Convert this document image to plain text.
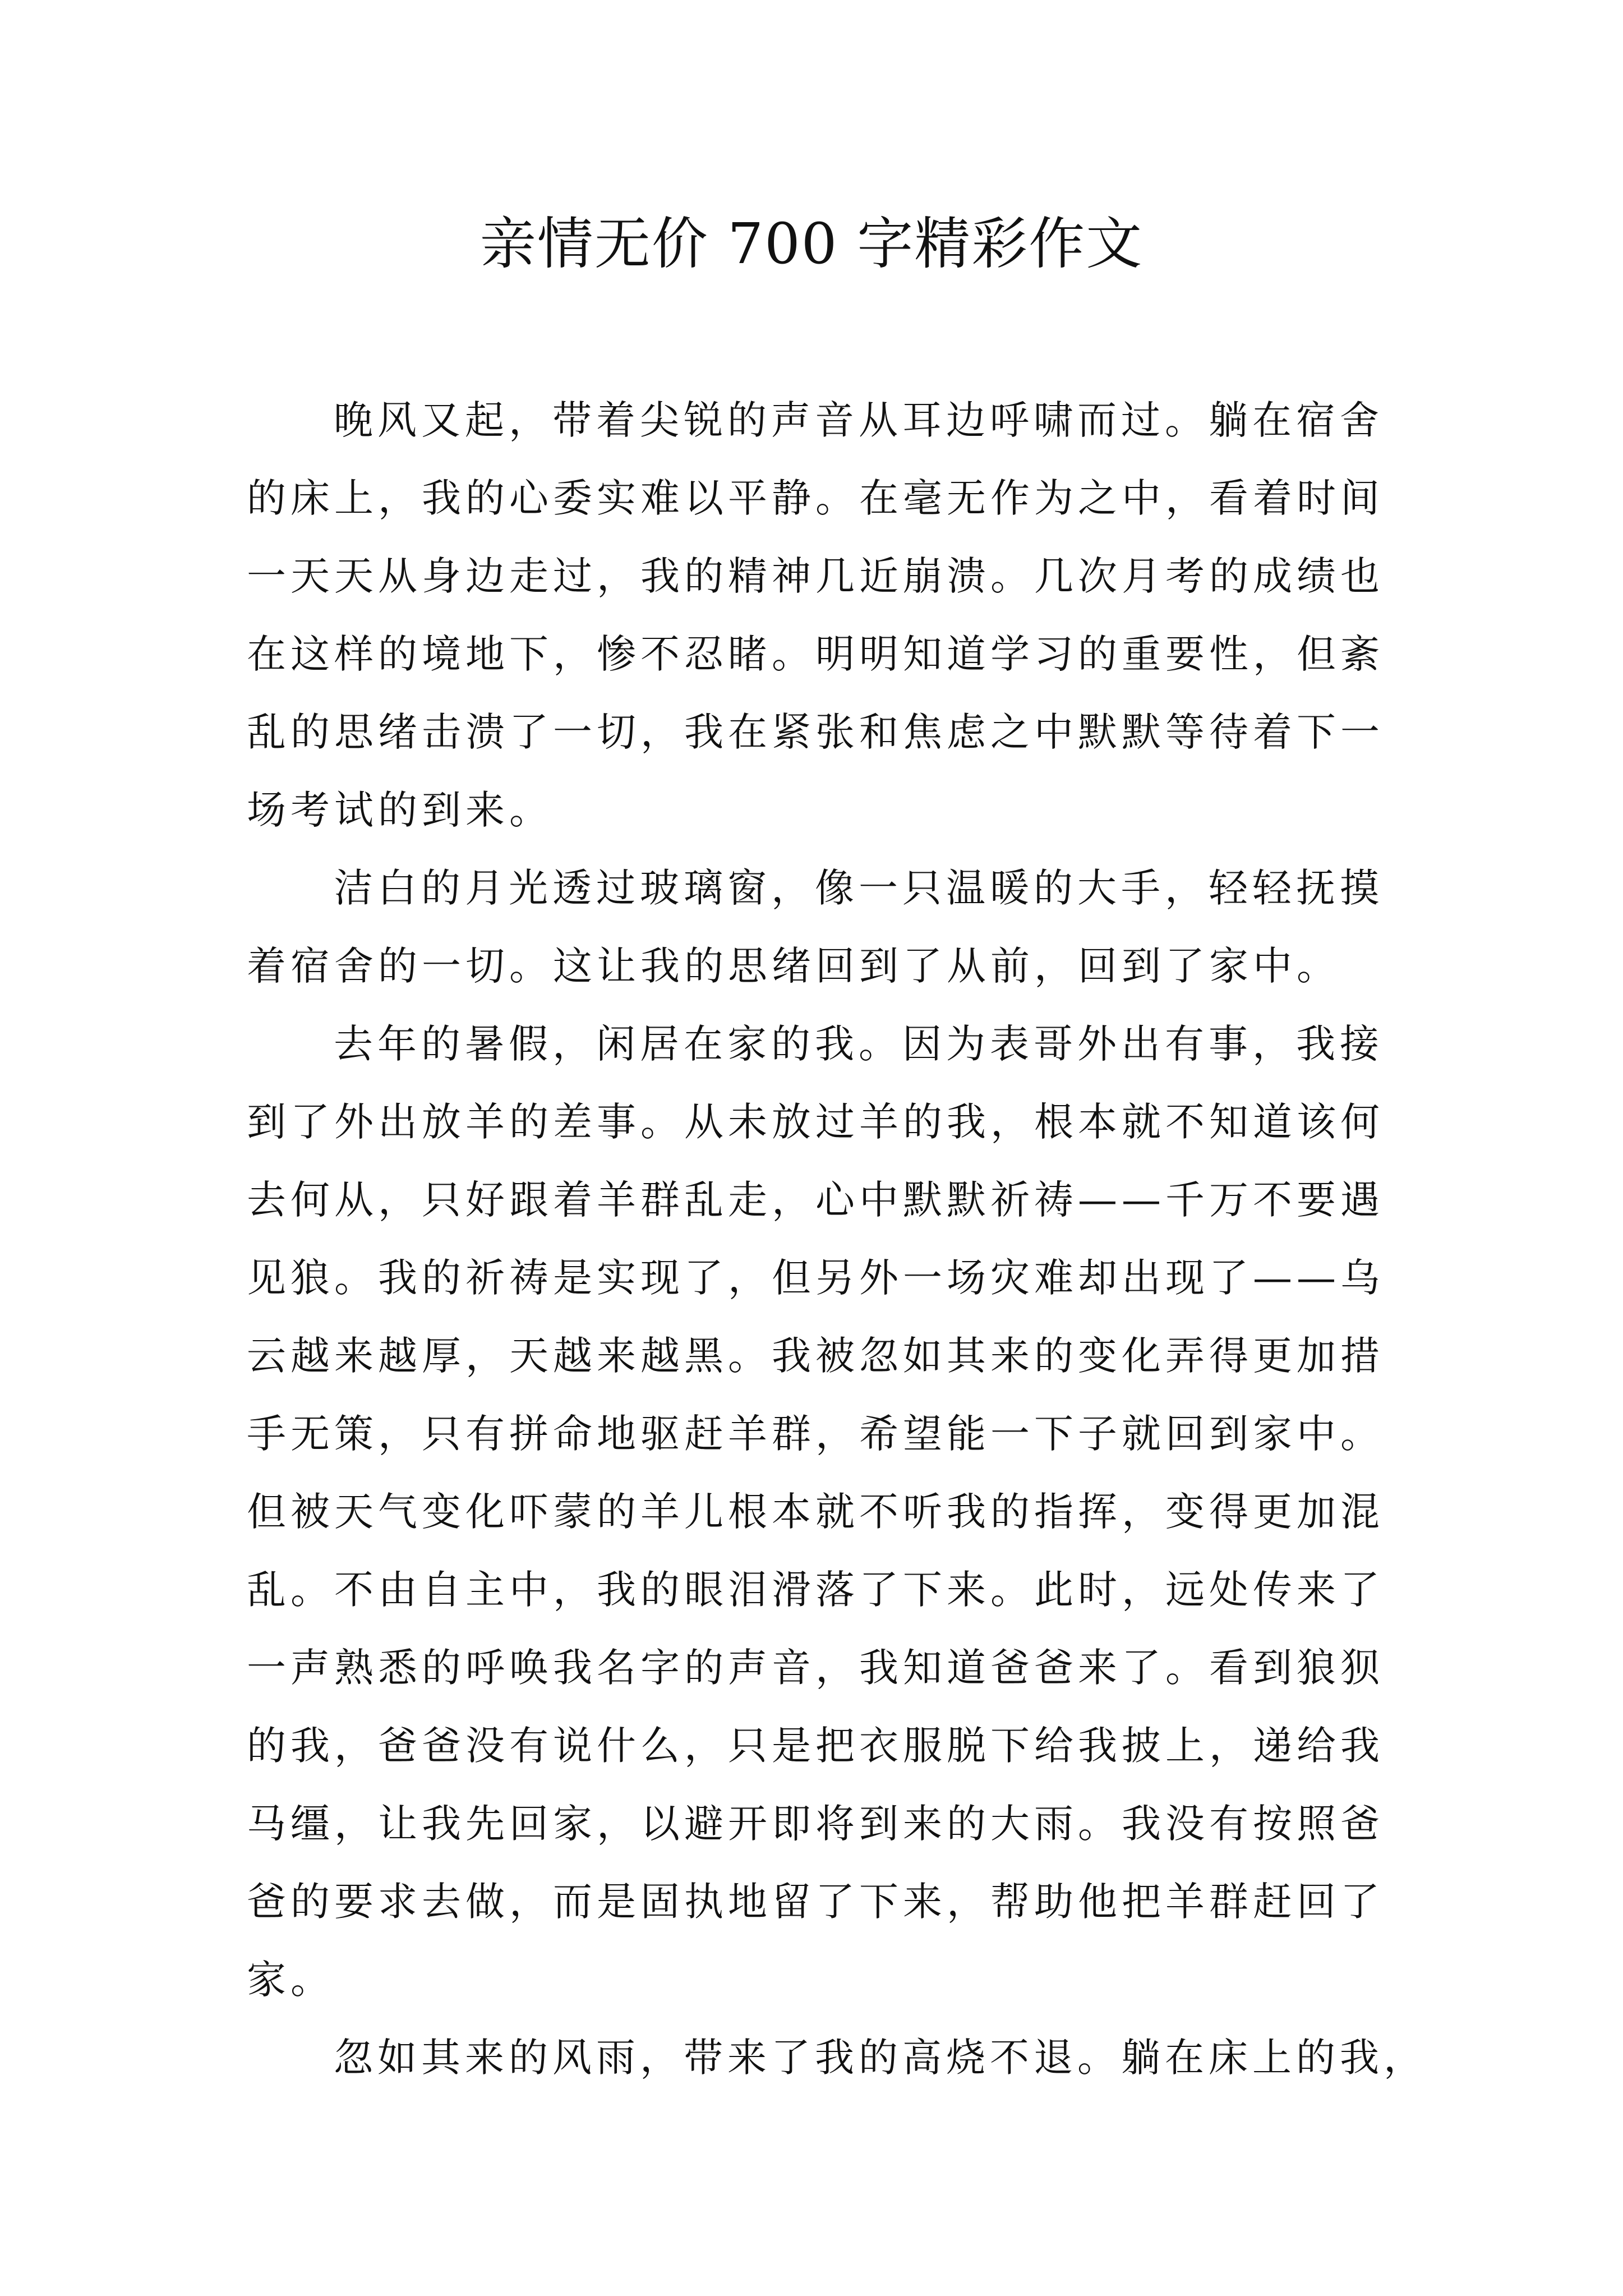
亲情无价 700 字精彩作文
晚风又起，带着尖锐的声音从耳边呼啸而过。躺在宿舍
的床上，我的心委实难以平静。在毫无作为之中，看着时间
一天天从身边走过，我的精神几近崩溃。几次月考的成绩也
在这样的境地下，惨不忍睹。明明知道学习的重要性，但紊
乱的思绪击溃了一切，我在紧张和焦虑之中默默等待着下一
场考试的到来。
洁白的月光透过玻璃窗，像一只温暖的大手，轻轻抚摸
着宿舍的一切。这让我的思绪回到了从前，回到了家中。
去年的暑假，闲居在家的我。因为表哥外出有事，我接
到了外出放羊的差事。从未放过羊的我，根本就不知道该何
去何从，只好跟着羊群乱走，心中默默祈祷——千万不要遇
见狼。我的祈祷是实现了，但另外一场灾难却出现了——乌
云越来越厚，天越来越黑。我被忽如其来的变化弄得更加措
手无策，只有拼命地驱赶羊群，希望能一下子就回到家中。
但被天气变化吓蒙的羊儿根本就不听我的指挥，变得更加混
乱。不由自主中，我的眼泪滑落了下来。此时，远处传来了
一声熟悉的呼唤我名字的声音，我知道爸爸来了。看到狼狈
的我，爸爸没有说什么，只是把衣服脱下给我披上，递给我
马缰，让我先回家，以避开即将到来的大雨。我没有按照爸
爸的要求去做，而是固执地留了下来，帮助他把羊群赶回了
家。
忽如其来的风雨，带来了我的高烧不退。躺在床上的我，
